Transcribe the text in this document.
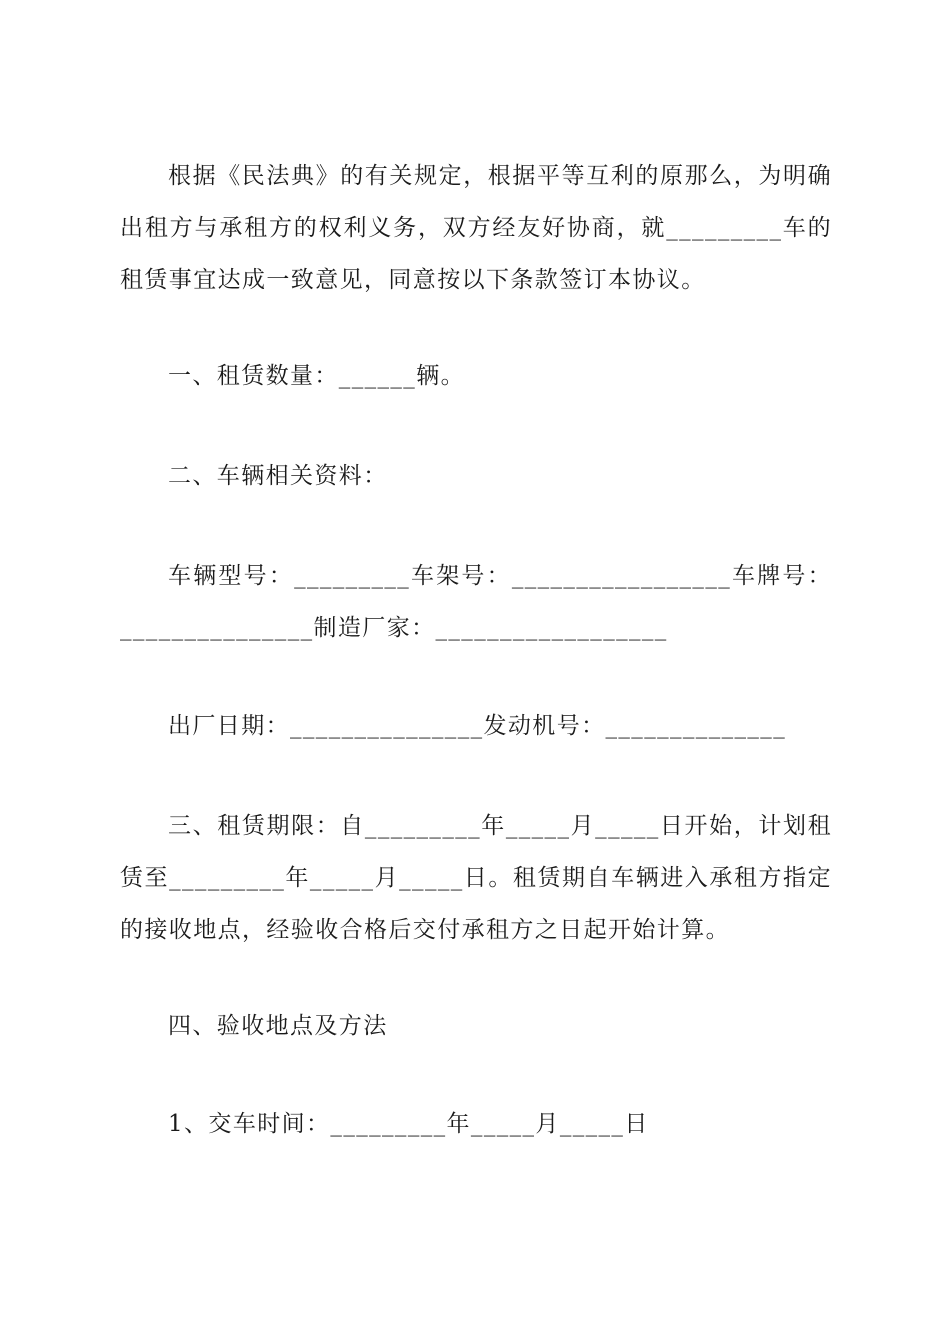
根据《民法典》的有关规定，根据平等互利的原那么，为明确出租方与承租方的权利义务，双方经友好协商，就_________车的租赁事宜达成一致意见，同意按以下条款签订本协议。

一、租赁数量：______辆。

二、车辆相关资料：

车辆型号：_________车架号：_________________车牌号：_______________制造厂家：__________________

出厂日期：_______________发动机号：______________

三、租赁期限：自_________年_____月_____日开始，计划租赁至_________年_____月_____日。租赁期自车辆进入承租方指定的接收地点，经验收合格后交付承租方之日起开始计算。

四、验收地点及方法

1、交车时间：_________年_____月_____日
